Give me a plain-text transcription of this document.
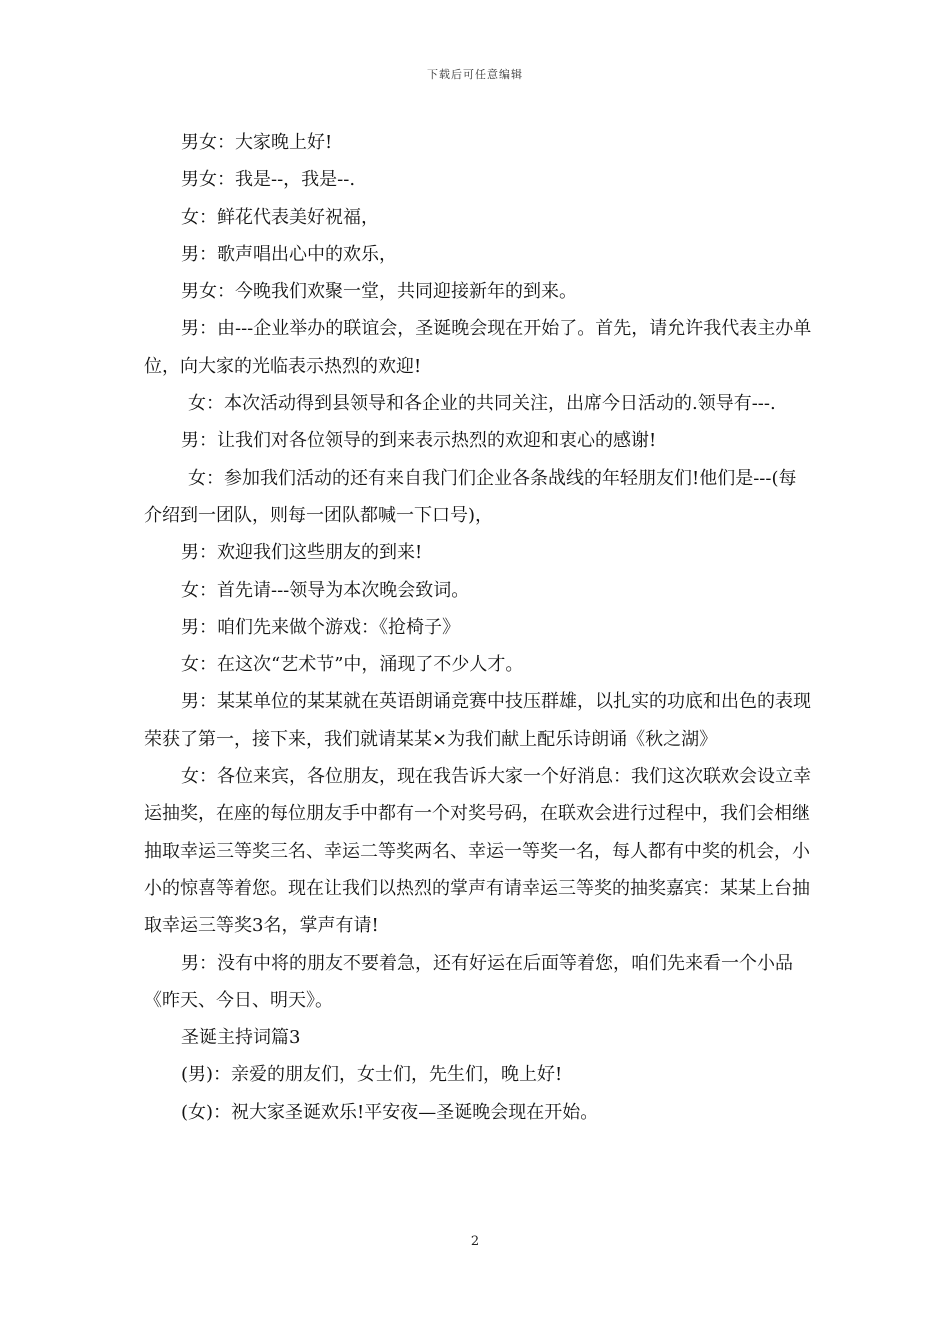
下载后可任意编辑

男女：大家晚上好!

男女：我是--，我是--.

女：鲜花代表美好祝福，

男：歌声唱出心中的欢乐，

男女：今晚我们欢聚一堂，共同迎接新年的到来。

男：由---企业举办的联谊会，圣诞晚会现在开始了。首先，请允许我代表主办单位，向大家的光临表示热烈的欢迎!

女：本次活动得到县领导和各企业的共同关注，出席今日活动的.领导有---.

男：让我们对各位领导的到来表示热烈的欢迎和衷心的感谢!

女：参加我们活动的还有来自我门们企业各条战线的年轻朋友们!他们是---(每介绍到一团队，则每一团队都喊一下口号)，

男：欢迎我们这些朋友的到来!

女：首先请---领导为本次晚会致词。

男：咱们先来做个游戏：《抢椅子》

女：在这次“艺术节”中，涌现了不少人才。

男：某某单位的某某就在英语朗诵竞赛中技压群雄，以扎实的功底和出色的表现荣获了第一，接下来，我们就请某某×为我们献上配乐诗朗诵《秋之湖》

女：各位来宾，各位朋友，现在我告诉大家一个好消息：我们这次联欢会设立幸运抽奖，在座的每位朋友手中都有一个对奖号码，在联欢会进行过程中，我们会相继抽取幸运三等奖三名、幸运二等奖两名、幸运一等奖一名，每人都有中奖的机会，小小的惊喜等着您。现在让我们以热烈的掌声有请幸运三等奖的抽奖嘉宾：某某上台抽取幸运三等奖3名，掌声有请!

男：没有中将的朋友不要着急，还有好运在后面等着您，咱们先来看一个小品《昨天、今日、明天》。

圣诞主持词篇3

(男)：亲爱的朋友们，女士们，先生们，晚上好!

(女)：祝大家圣诞欢乐!平安夜—圣诞晚会现在开始。

2
